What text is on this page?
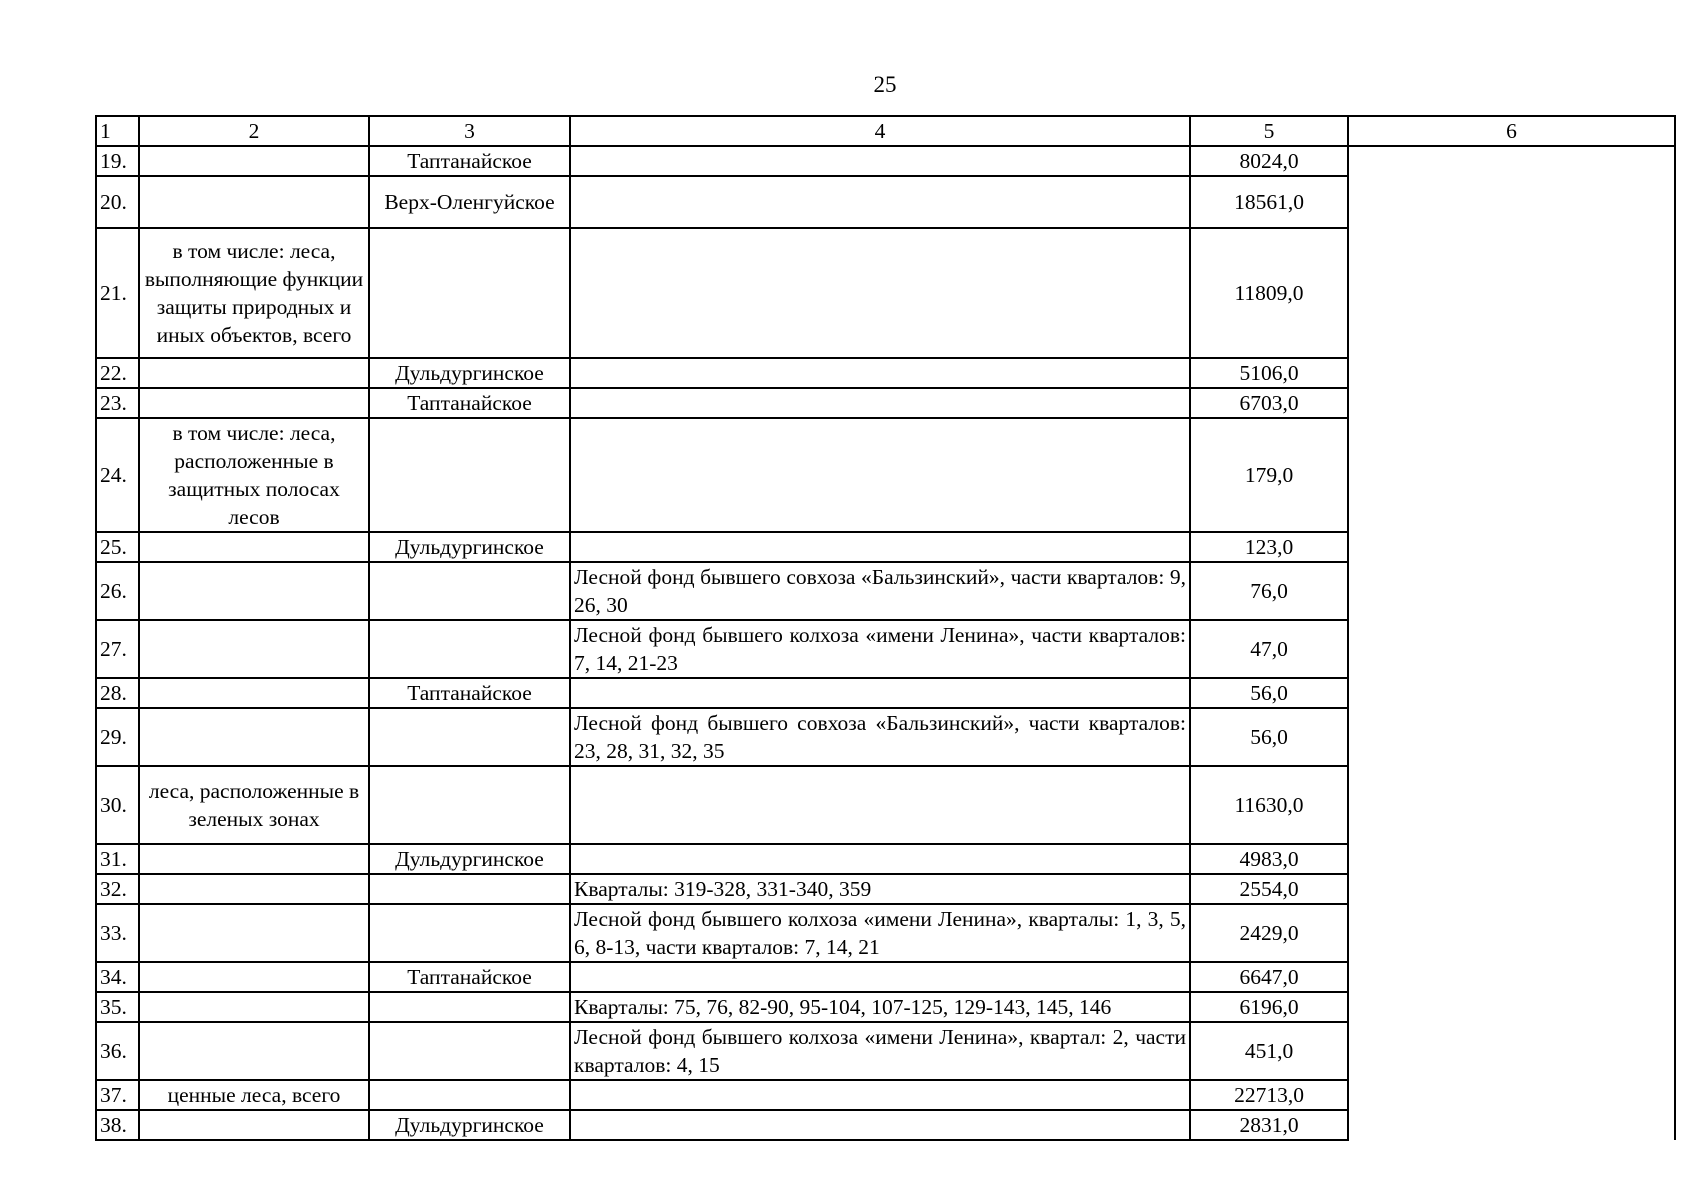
25
1	2	3	4	5	6
19.		Таптанайское		8024,0	
20.		Верх-Оленгуйское		18561,0	
21.	в том числе: леса, выполняющие функции защиты природных и иных объектов, всего			11809,0	
22.		Дульдургинское		5106,0	
23.		Таптанайское		6703,0	
24.	в том числе: леса, расположенные в защитных полосах лесов			179,0	
25.		Дульдургинское		123,0	
26.			Лесной фонд бывшего совхоза «Бальзинский», части кварталов: 9, 26, 30	76,0	
27.			Лесной фонд бывшего колхоза «имени Ленина», части кварталов: 7, 14, 21-23	47,0	
28.		Таптанайское		56,0	
29.			Лесной фонд бывшего совхоза «Бальзинский», части кварталов: 23, 28, 31, 32, 35	56,0	
30.	леса, расположенные в зеленых зонах			11630,0	
31.		Дульдургинское		4983,0	
32.			Кварталы: 319-328, 331-340, 359	2554,0	
33.			Лесной фонд бывшего колхоза «имени Ленина», кварталы: 1, 3, 5, 6, 8-13, части кварталов: 7, 14, 21	2429,0	
34.		Таптанайское		6647,0	
35.			Кварталы: 75, 76, 82-90, 95-104, 107-125, 129-143, 145, 146	6196,0	
36.			Лесной фонд бывшего колхоза «имени Ленина», квартал: 2, части кварталов: 4, 15	451,0	
37.	ценные леса, всего			22713,0	
38.		Дульдургинское		2831,0	
